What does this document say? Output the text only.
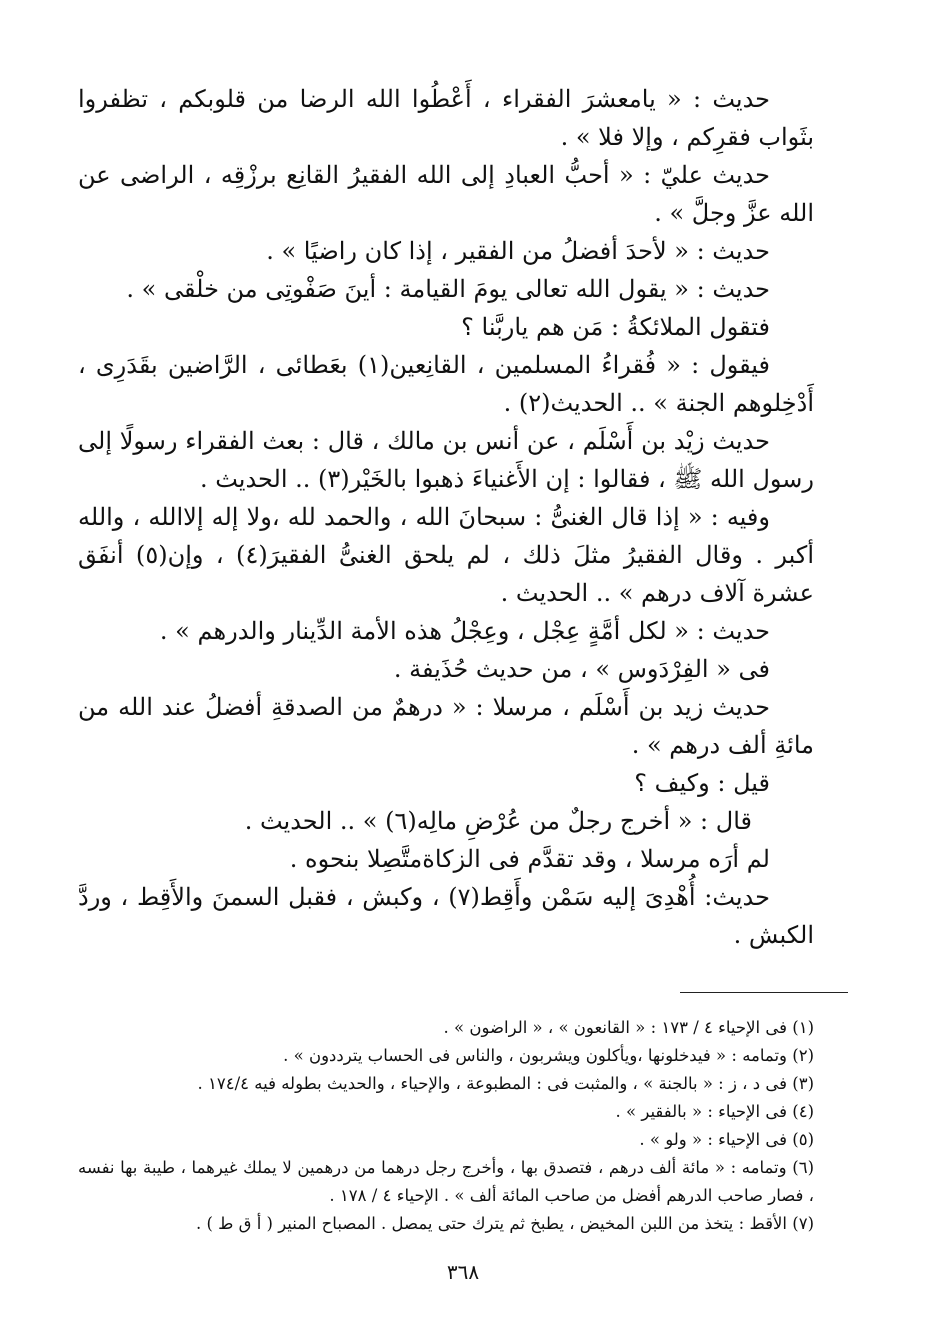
حديث : « يامعشرَ الفقراء ، أَعْطُوا الله الرضا من قلوبكم ، تظفروا بثَواب فقرِكم ، وإلا فلا » .

حديث عليّ : « أحبُّ العبادِ إلى الله الفقيرُ القانِع برزْقِه ، الراضى عن الله عزَّ وجلَّ » .

حديث : « لأحدَ أفضلُ من الفقير ، إذا كان راضيًا » .

حديث : « يقول الله تعالى يومَ القيامة : أينَ صَفْوتِى من خلْقى » .

فتقول الملائكةُ : مَن هم ياربَّنا ؟

فيقول : « فُقراءُ المسلمين ، القانِعين(١) بعَطائى ، الرَّاضين بقَدَرِى ، أَدْخِلوهم الجنة » .. الحديث(٢) .

حديث زيْد بن أَسْلَم ، عن أنس بن مالك ، قال : بعث الفقراء رسولًا إلى رسول الله ﷺ ، فقالوا : إن الأَغنياءَ ذهبوا بالخَيْر(٣) .. الحديث .

وفيه : « إذا قال الغنىُّ : سبحانَ الله ، والحمد لله ،ولا إله إلاالله ، والله أكبر . وقال الفقيرُ مثلَ ذلك ، لم يلحق الغنىُّ الفقيرَ(٤) ، وإن(٥) أنفَق عشرة آلاف درهم » .. الحديث .

حديث : « لكل أمَّةٍ عِجْل ، وعِجْلُ هذه الأمة الدِّينار والدرهم » .

فى « الفِرْدَوس » ، من حديث حُذَيفة .

حديث زيد بن أَسْلَم ، مرسلا : « درهمٌ من الصدقةِ أفضلُ عند الله من مائةِ ألف درهم » .

قيل : وكيف ؟

قال : « أخرج رجلٌ من عُرْضِ مالِه(٦) » .. الحديث .

لم أرَه مرسلا ، وقد تقدَّم فى الزكاةمتَّصِلا بنحوه .

حديث: أُهْدِىَ إليه سَمْن وأَقِط(٧) ، وكبش ، فقبل السمنَ والأَقِط ، وردَّ الكبش .

(١) فى الإحياء ٤ / ١٧٣ : « القانعون » ، « الراضون » .

(٢) وتمامه : « فيدخلونها ،ويأكلون ويشربون ، والناس فى الحساب يترددون » .

(٣) فى د ، ز : « بالجنة » ، والمثبت فى : المطبوعة ، والإحياء ، والحديث بطوله فيه ١٧٤/٤ .

(٤) فى الإحياء : « بالفقير » .

(٥) فى الإحياء : « ولو » .

(٦) وتمامه : « مائة ألف درهم ، فتصدق بها ، وأخرج رجل درهما من درهمين لا يملك غيرهما ، طيبة بها نفسه ، فصار صاحب الدرهم أفضل من صاحب المائة ألف » . الإحياء ٤ / ١٧٨ .

(٧) الأقط : يتخذ من اللبن المخيض ، يطبخ ثم يترك حتى يمصل . المصباح المنير ( أ ق ط ) .

٣٦٨
